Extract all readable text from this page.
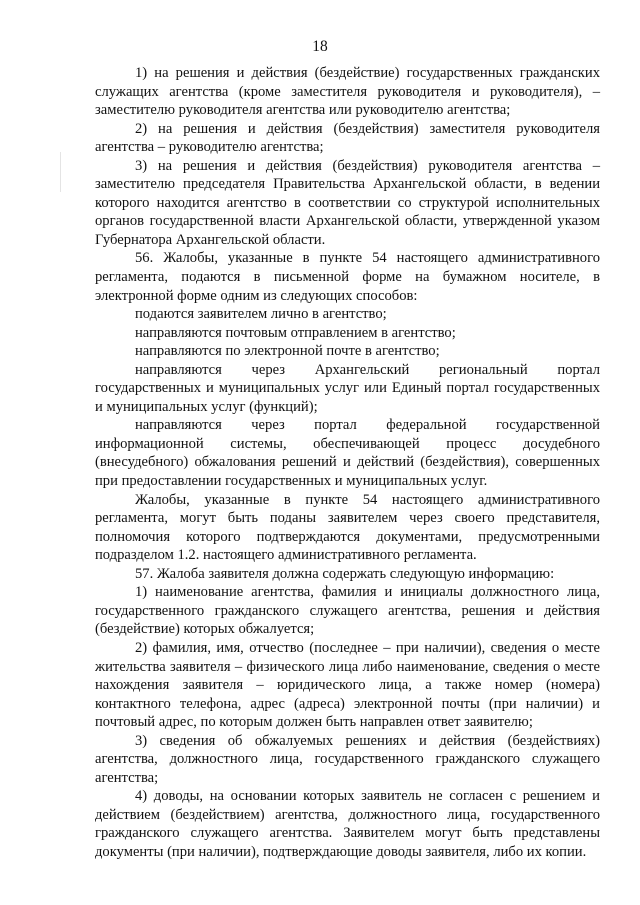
18

1) на решения и действия (бездействие) государственных гражданских служащих агентства (кроме заместителя руководителя и руководителя), – заместителю руководителя агентства или руководителю агентства;

2) на решения и действия (бездействия) заместителя руководителя агентства – руководителю агентства;

3) на решения и действия (бездействия) руководителя агентства – заместителю председателя Правительства Архангельской области, в ведении которого находится агентство в соответствии со структурой исполнительных органов государственной власти Архангельской области, утвержденной указом Губернатора Архангельской области.

56. Жалобы, указанные в пункте 54 настоящего административного регламента, подаются в письменной форме на бумажном носителе, в электронной форме одним из следующих способов:

подаются заявителем лично в агентство;

направляются почтовым отправлением в агентство;

направляются по электронной почте в агентство;

направляются через Архангельский региональный портал государственных и муниципальных услуг или Единый портал государственных и муниципальных услуг (функций);

направляются через портал федеральной государственной информационной системы, обеспечивающей процесс досудебного (внесудебного) обжалования решений и действий (бездействия), совершенных при предоставлении государственных и муниципальных услуг.

Жалобы, указанные в пункте 54 настоящего административного регламента, могут быть поданы заявителем через своего представителя, полномочия которого подтверждаются документами, предусмотренными подразделом 1.2. настоящего административного регламента.

57. Жалоба заявителя должна содержать следующую информацию:

1) наименование агентства, фамилия и инициалы должностного лица, государственного гражданского служащего агентства, решения и действия (бездействие) которых обжалуется;

2) фамилия, имя, отчество (последнее – при наличии), сведения о месте жительства заявителя – физического лица либо наименование, сведения о месте нахождения заявителя – юридического лица, а также номер (номера) контактного телефона, адрес (адреса) электронной почты (при наличии) и почтовый адрес, по которым должен быть направлен ответ заявителю;

3) сведения об обжалуемых решениях и действия (бездействиях) агентства, должностного лица, государственного гражданского служащего агентства;

4) доводы, на основании которых заявитель не согласен с решением и действием (бездействием) агентства, должностного лица, государственного гражданского служащего агентства. Заявителем могут быть представлены документы (при наличии), подтверждающие доводы заявителя, либо их копии.
